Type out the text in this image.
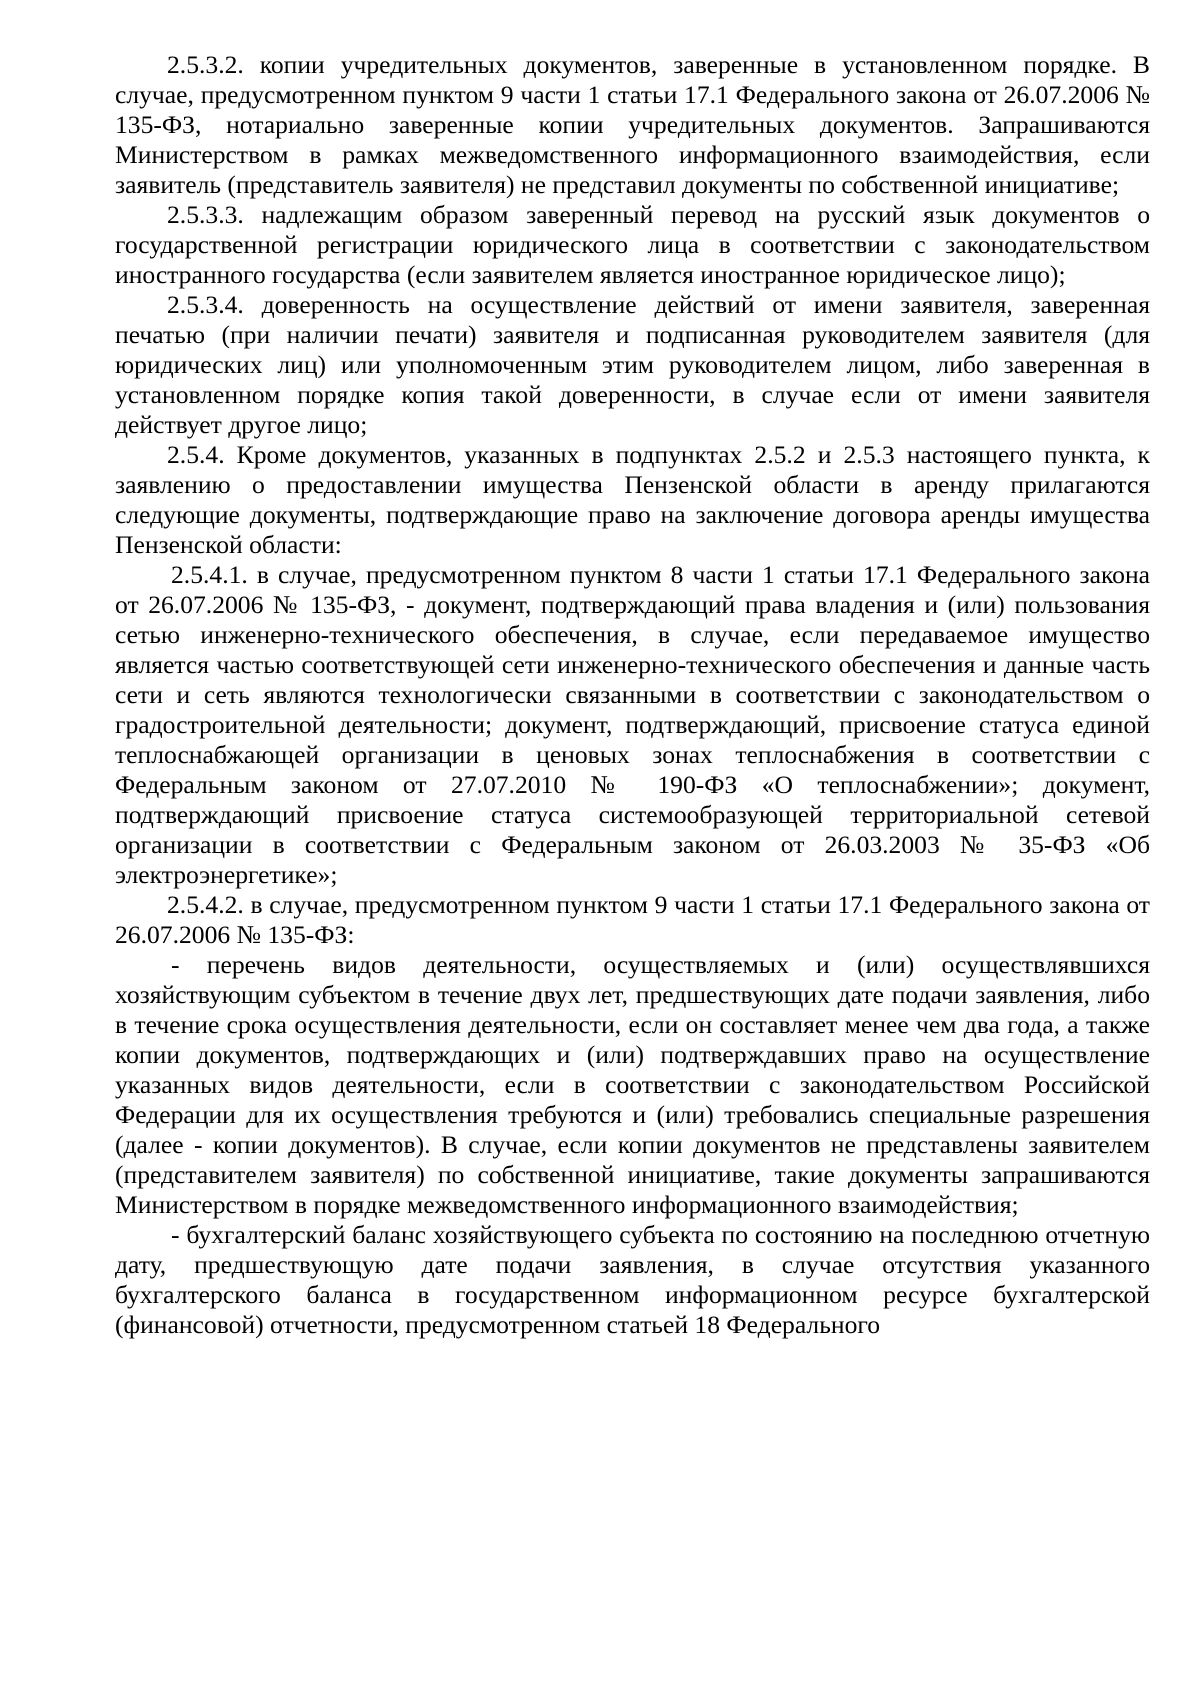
2.5.3.2. копии учредительных документов, заверенные в установленном порядке. В случае, предусмотренном пунктом 9 части 1 статьи 17.1 Федерального закона от 26.07.2006 № 135-ФЗ, нотариально заверенные копии учредительных документов. Запрашиваются Министерством в рамках межведомственного информационного взаимодействия, если заявитель (представитель заявителя) не представил документы по собственной инициативе;

2.5.3.3. надлежащим образом заверенный перевод на русский язык документов о государственной регистрации юридического лица в соответствии с законодательством иностранного государства (если заявителем является иностранное юридическое лицо);

2.5.3.4. доверенность на осуществление действий от имени заявителя, заверенная печатью (при наличии печати) заявителя и подписанная руководителем заявителя (для юридических лиц) или уполномоченным этим руководителем лицом, либо заверенная в установленном порядке копия такой доверенности, в случае если от имени заявителя действует другое лицо;

2.5.4. Кроме документов, указанных в подпунктах 2.5.2 и 2.5.3 настоящего пункта, к заявлению о предоставлении имущества Пензенской области в аренду прилагаются следующие документы, подтверждающие право на заключение договора аренды имущества Пензенской области:

2.5.4.1. в случае, предусмотренном пунктом 8 части 1 статьи 17.1 Федерального закона от 26.07.2006 № 135-ФЗ, - документ, подтверждающий права владения и (или) пользования сетью инженерно-технического обеспечения, в случае, если передаваемое имущество является частью соответствующей сети инженерно-технического обеспечения и данные часть сети и сеть являются технологически связанными в соответствии с законодательством о градостроительной деятельности; документ, подтверждающий, присвоение статуса единой теплоснабжающей организации в ценовых зонах теплоснабжения в соответствии с Федеральным законом от 27.07.2010 № 190-ФЗ «О теплоснабжении»; документ, подтверждающий присвоение статуса системообразующей территориальной сетевой организации в соответствии с Федеральным законом от 26.03.2003 № 35-ФЗ «Об электроэнергетике»;

2.5.4.2. в случае, предусмотренном пунктом 9 части 1 статьи 17.1 Федерального закона от 26.07.2006 № 135-ФЗ:

- перечень видов деятельности, осуществляемых и (или) осуществлявшихся хозяйствующим субъектом в течение двух лет, предшествующих дате подачи заявления, либо в течение срока осуществления деятельности, если он составляет менее чем два года, а также копии документов, подтверждающих и (или) подтверждавших право на осуществление указанных видов деятельности, если в соответствии с законодательством Российской Федерации для их осуществления требуются и (или) требовались специальные разрешения (далее - копии документов). В случае, если копии документов не представлены заявителем (представителем заявителя) по собственной инициативе, такие документы запрашиваются Министерством в порядке межведомственного информационного взаимодействия;

- бухгалтерский баланс хозяйствующего субъекта по состоянию на последнюю отчетную дату, предшествующую дате подачи заявления, в случае отсутствия указанного бухгалтерского баланса в государственном информационном ресурсе бухгалтерской (финансовой) отчетности, предусмотренном статьей 18 Федерального
